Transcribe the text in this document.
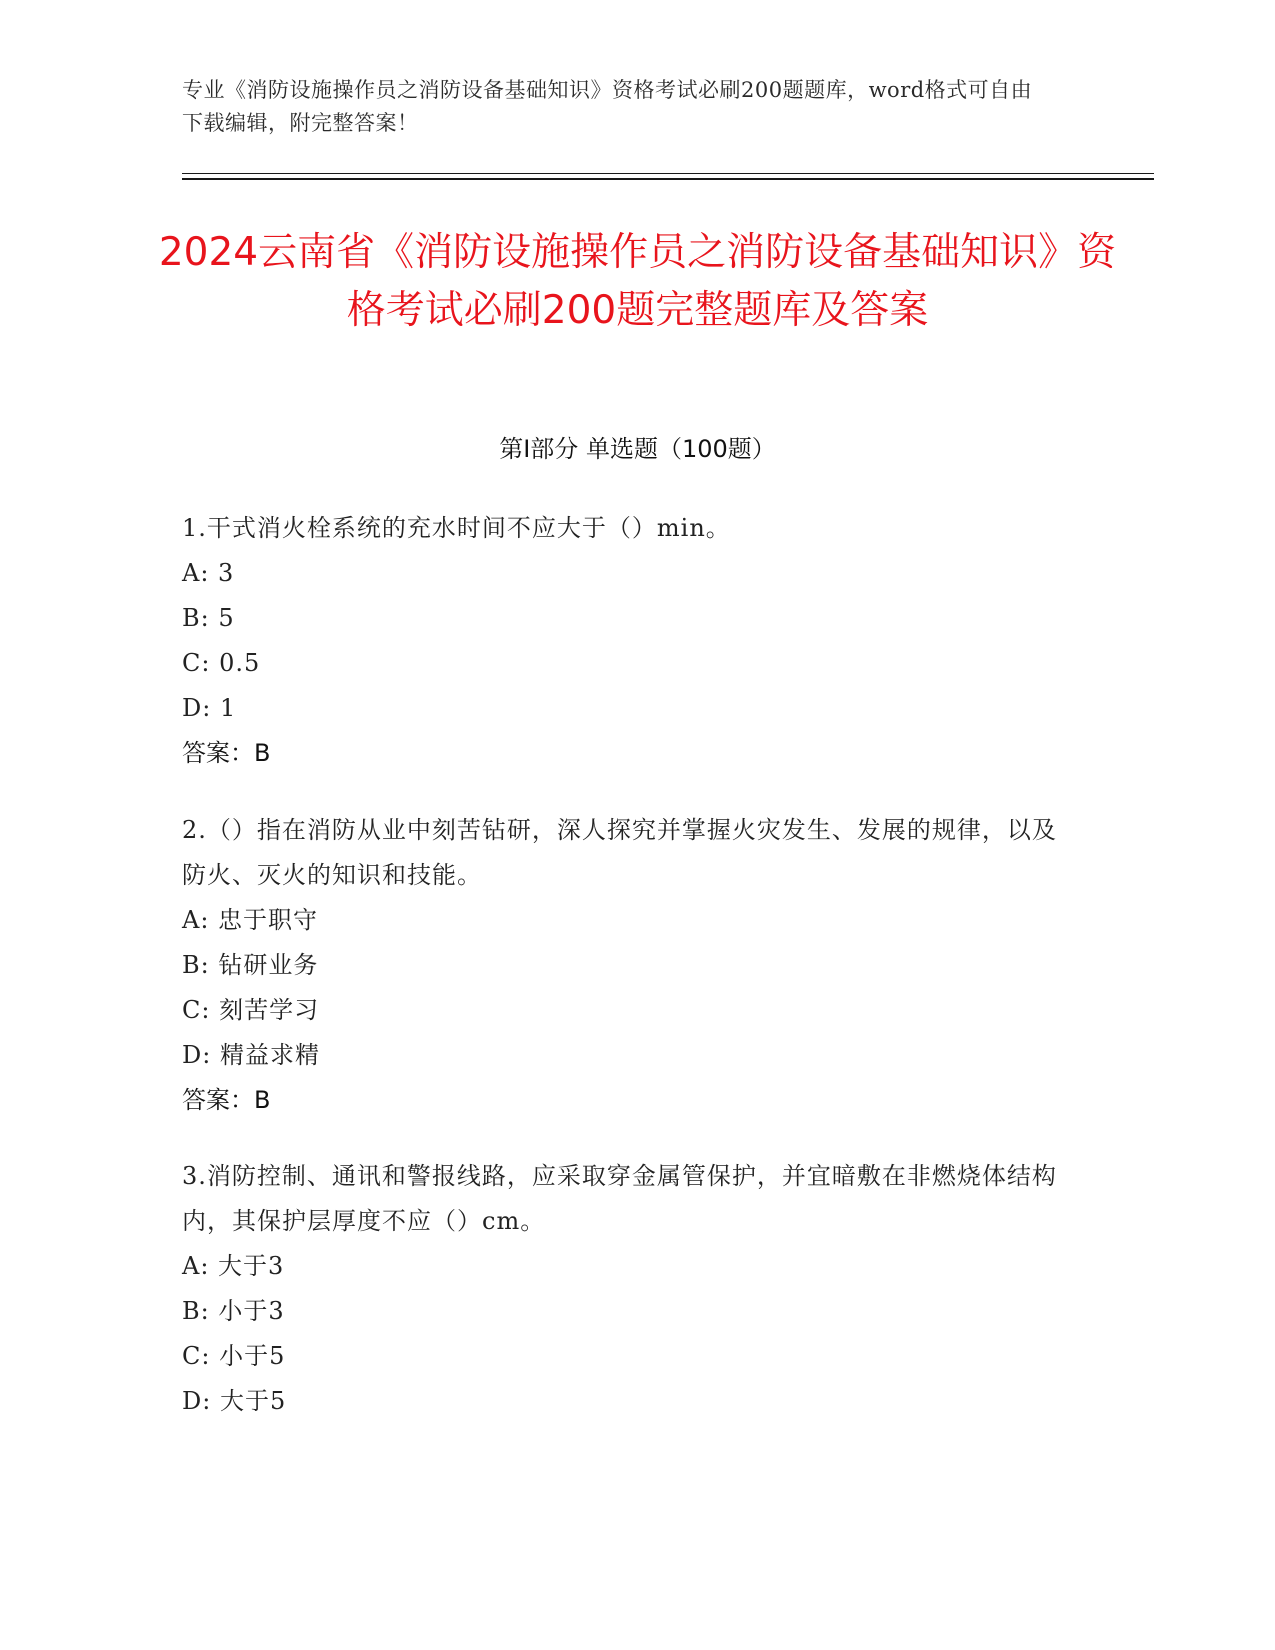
专业《消防设施操作员之消防设备基础知识》资格考试必刷200题题库，word格式可自由下载编辑，附完整答案！
2024云南省《消防设施操作员之消防设备基础知识》资格考试必刷200题完整题库及答案
第I部分 单选题（100题）

1.干式消火栓系统的充水时间不应大于（）min。

A: 3

B: 5

C: 0.5

D: 1

答案：B

2.（）指在消防从业中刻苦钻研，深人探究并掌握火灾发生、发展的规律，以及防火、灭火的知识和技能。

A: 忠于职守

B: 钻研业务

C: 刻苦学习

D: 精益求精

答案：B

3.消防控制、通讯和警报线路，应采取穿金属管保护，并宜暗敷在非燃烧体结构内，其保护层厚度不应（）cm。

A: 大于3

B: 小于3

C: 小于5

D: 大于5
